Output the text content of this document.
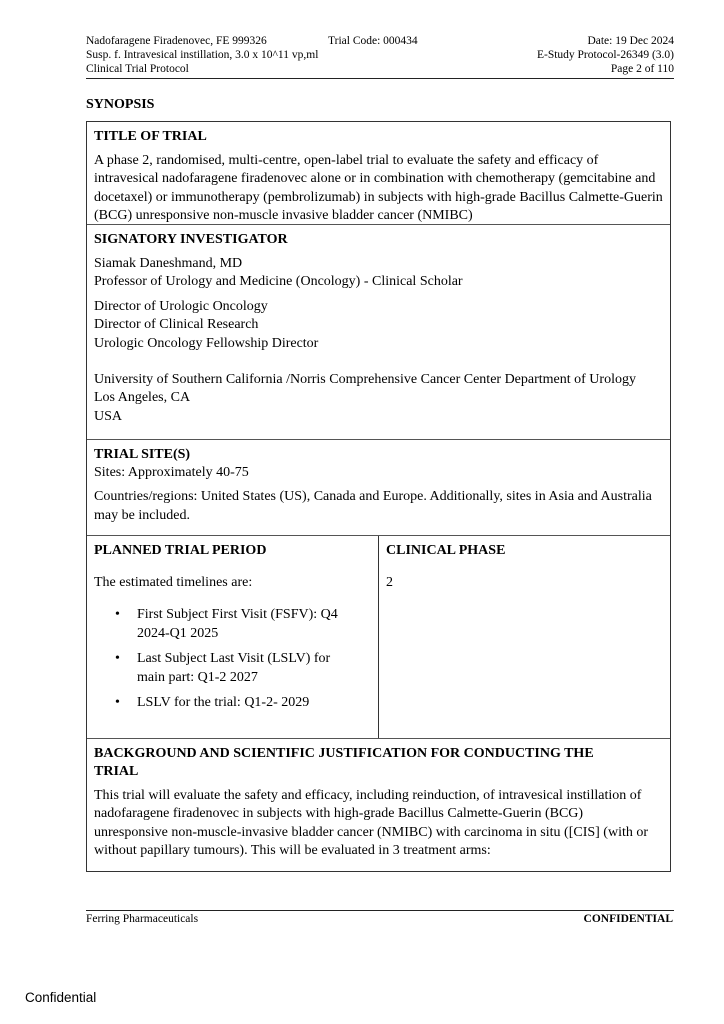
Nadofaragene Firadenovec, FE 999326	Trial Code: 000434	Date: 19 Dec 2024
Susp. f. Intravesical instillation, 3.0 x 10^11 vp,ml	E-Study Protocol-26349 (3.0)
Clinical Trial Protocol	Page 2 of 110
SYNOPSIS
TITLE OF TRIAL

A phase 2, randomised, multi-centre, open-label trial to evaluate the safety and efficacy of intravesical nadofaragene firadenovec alone or in combination with chemotherapy (gemcitabine and docetaxel) or immunotherapy (pembrolizumab) in subjects with high-grade Bacillus Calmette-Guerin (BCG) unresponsive non-muscle invasive bladder cancer (NMIBC)

SIGNATORY INVESTIGATOR

Siamak Daneshmand, MD

Professor of Urology and Medicine (Oncology) - Clinical Scholar

Director of Urologic Oncology

Director of Clinical Research

Urologic Oncology Fellowship Director

University of Southern California /Norris Comprehensive Cancer Center Department of Urology

Los Angeles, CA

USA

TRIAL SITE(S)

Sites: Approximately 40-75

Countries/regions: United States (US), Canada and Europe. Additionally, sites in Asia and Australia may be included.

PLANNED TRIAL PERIOD

The estimated timelines are:

• First Subject First Visit (FSFV): Q4 2024-Q1 2025
• Last Subject Last Visit (LSLV) for main part: Q1-2 2027
• LSLV for the trial: Q1-2- 2029
CLINICAL PHASE

2

BACKGROUND AND SCIENTIFIC JUSTIFICATION FOR CONDUCTING THE TRIAL

This trial will evaluate the safety and efficacy, including reinduction, of intravesical instillation of nadofaragene firadenovec in subjects with high-grade Bacillus Calmette-Guerin (BCG) unresponsive non-muscle-invasive bladder cancer (NMIBC) with carcinoma in situ ([CIS] (with or without papillary tumours). This will be evaluated in 3 treatment arms:

Ferring Pharmaceuticals	CONFIDENTIAL
Confidential
